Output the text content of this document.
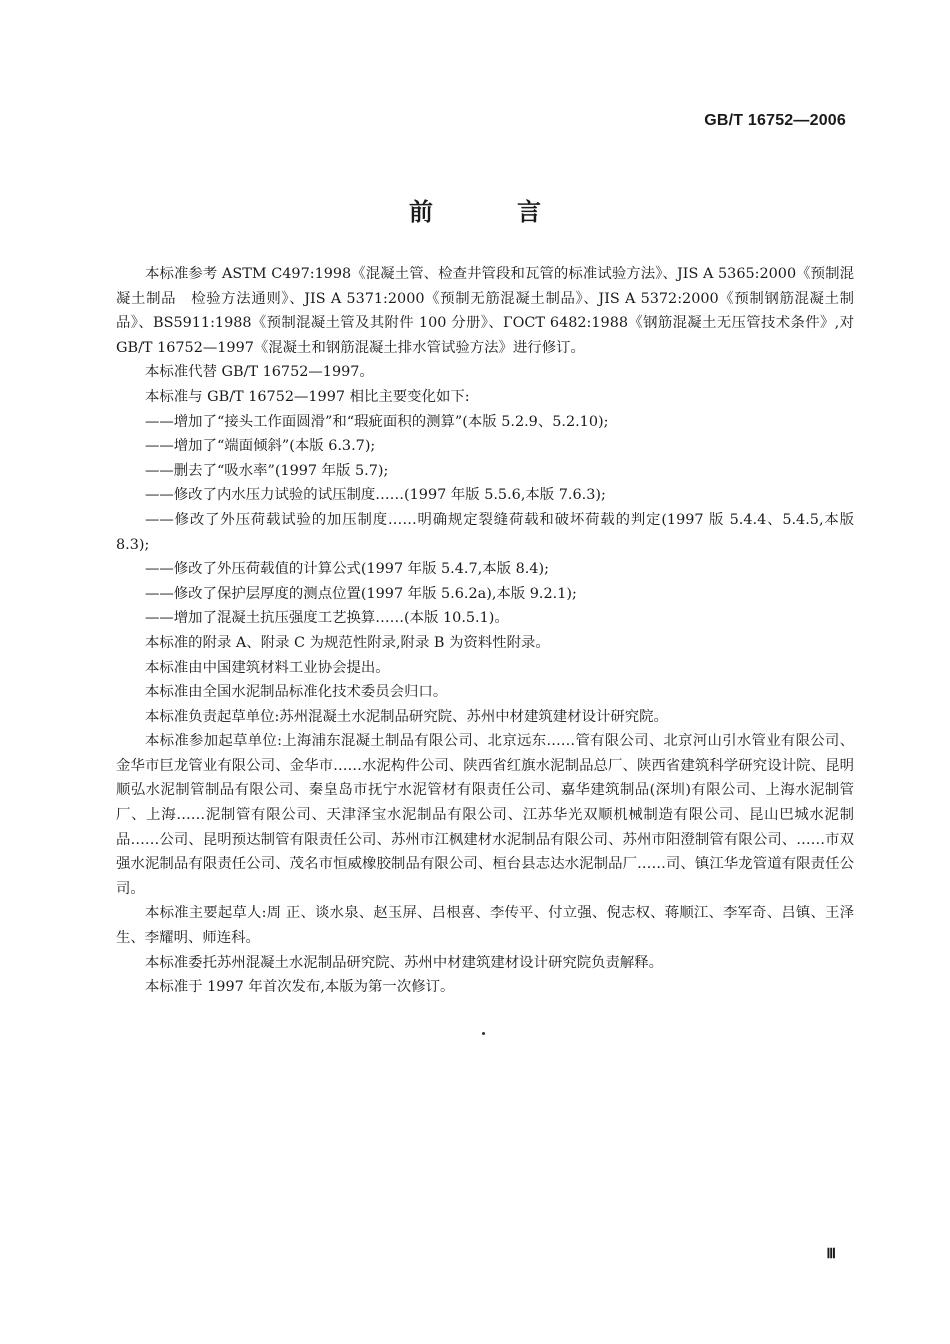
GB/T 16752—2006
前　言

本标准参考 ASTM C497:1998《混凝土管、检查井管段和瓦管的标准试验方法》、JIS A 5365:2000《预制混凝土制品　检验方法通则》、JIS A 5371:2000《预制无筋混凝土制品》、JIS A 5372:2000《预制钢筋混凝土制品》、BS5911:1988《预制混凝土管及其附件 100 分册》、ГОСТ 6482:1988《钢筋混凝土无压管技术条件》,对 GB/T 16752—1997《混凝土和钢筋混凝土排水管试验方法》进行修订。

本标准代替 GB/T 16752—1997。

本标准与 GB/T 16752—1997 相比主要变化如下:

——增加了“接头工作面圆滑”和“瑕疵面积的测算”(本版 5.2.9、5.2.10);

——增加了“端面倾斜”(本版 6.3.7);

——删去了“吸水率”(1997 年版 5.7);

——修改了内水压力试验的试压制度……(1997 年版 5.5.6,本版 7.6.3);

——修改了外压荷载试验的加压制度……明确规定裂缝荷载和破坏荷载的判定(1997 版 5.4.4、5.4.5,本版 8.3);

——修改了外压荷载值的计算公式(1997 年版 5.4.7,本版 8.4);

——修改了保护层厚度的测点位置(1997 年版 5.6.2a),本版 9.2.1);

——增加了混凝土抗压强度工艺换算……(本版 10.5.1)。

本标准的附录 A、附录 C 为规范性附录,附录 B 为资料性附录。

本标准由中国建筑材料工业协会提出。

本标准由全国水泥制品标准化技术委员会归口。

本标准负责起草单位:苏州混凝土水泥制品研究院、苏州中材建筑建材设计研究院。

本标准参加起草单位:上海浦东混凝土制品有限公司、北京远东……管有限公司、北京河山引水管业有限公司、金华市巨龙管业有限公司、金华市……水泥构件公司、陕西省红旗水泥制品总厂、陕西省建筑科学研究设计院、昆明顺弘水泥制管制品有限公司、秦皇岛市抚宁水泥管材有限责任公司、嘉华建筑制品(深圳)有限公司、上海水泥制管厂、上海……泥制管有限公司、天津泽宝水泥制品有限公司、江苏华光双顺机械制造有限公司、昆山巴城水泥制品……公司、昆明预达制管有限责任公司、苏州市江枫建材水泥制品有限公司、苏州市阳澄制管有限公司、……市双强水泥制品有限责任公司、茂名市恒威橡胶制品有限公司、桓台县志达水泥制品厂……司、镇江华龙管道有限责任公司。

本标准主要起草人:周 正、谈水泉、赵玉屏、吕根喜、李传平、付立强、倪志权、蒋顺江、李军奇、吕镇、王泽生、李耀明、师连科。

本标准委托苏州混凝土水泥制品研究院、苏州中材建筑建材设计研究院负责解释。

本标准于 1997 年首次发布,本版为第一次修订。

Ⅲ
